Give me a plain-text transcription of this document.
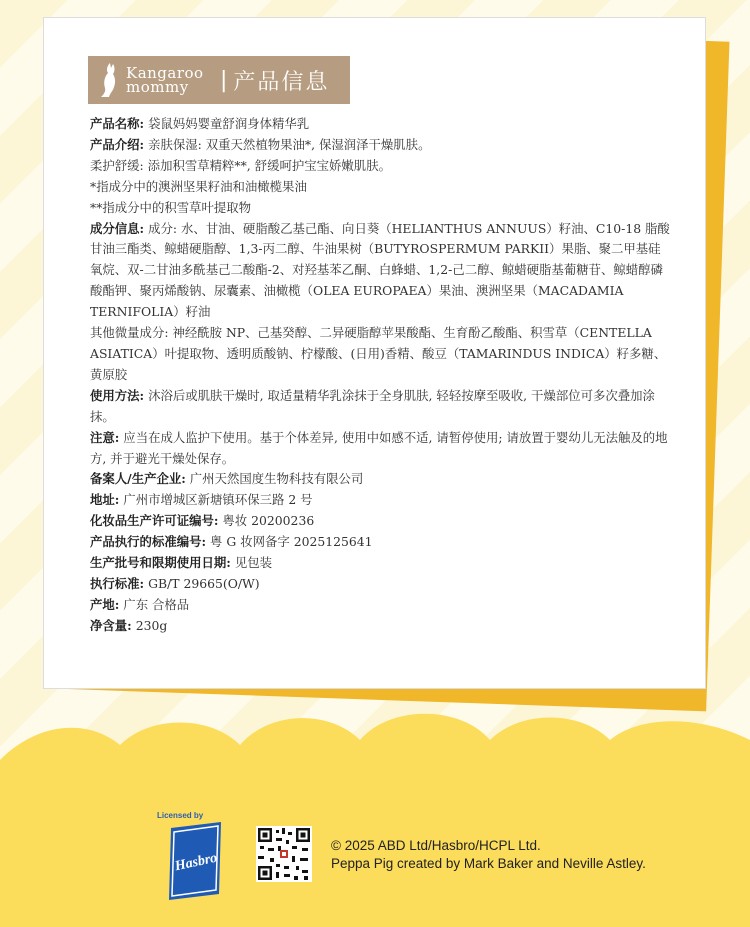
Kangaroo
mommy	| 产品信息

产品名称: 袋鼠妈妈婴童舒润身体精华乳

产品介绍: 亲肤保湿: 双重天然植物果油*, 保湿润泽干燥肌肤。

柔护舒缓: 添加积雪草精粹**, 舒缓呵护宝宝娇嫩肌肤。

*指成分中的澳洲坚果籽油和油橄榄果油

**指成分中的积雪草叶提取物

成分信息: 成分: 水、甘油、硬脂酸乙基己酯、向日葵（HELIANTHUS ANNUUS）籽油、C10-18 脂酸甘油三酯类、鲸蜡硬脂醇、1,3-丙二醇、牛油果树（BUTYROSPERMUM PARKII）果脂、聚二甲基硅氧烷、双-二甘油多酰基己二酸酯-2、对羟基苯乙酮、白蜂蜡、1,2-己二醇、鲸蜡硬脂基葡糖苷、鲸蜡醇磷酸酯钾、聚丙烯酸钠、尿囊素、油橄榄（OLEA EUROPAEA）果油、澳洲坚果（MACADAMIA TERNIFOLIA）籽油

其他微量成分: 神经酰胺 NP、己基癸醇、二异硬脂醇苹果酸酯、生育酚乙酸酯、积雪草（CENTELLA ASIATICA）叶提取物、透明质酸钠、柠檬酸、(日用)香精、酸豆（TAMARINDUS INDICA）籽多糖、黄原胶

使用方法: 沐浴后或肌肤干燥时, 取适量精华乳涂抹于全身肌肤, 轻轻按摩至吸收, 干燥部位可多次叠加涂抹。

注意: 应当在成人监护下使用。基于个体差异, 使用中如感不适, 请暂停使用; 请放置于婴幼儿无法触及的地方, 并于避光干燥处保存。

备案人/生产企业: 广州天然国度生物科技有限公司

地址: 广州市增城区新塘镇环保三路 2 号

化妆品生产许可证编号: 粤妆 20200236

产品执行的标准编号: 粤 G 妆网备字 2025125641

生产批号和限期使用日期: 见包装

执行标准: GB/T 29665(O/W)

产地: 广东 合格品

净含量: 230g

Licensed by
Hasbro
© 2025 ABD Ltd/Hasbro/HCPL Ltd.
Peppa Pig created by Mark Baker and Neville Astley.
